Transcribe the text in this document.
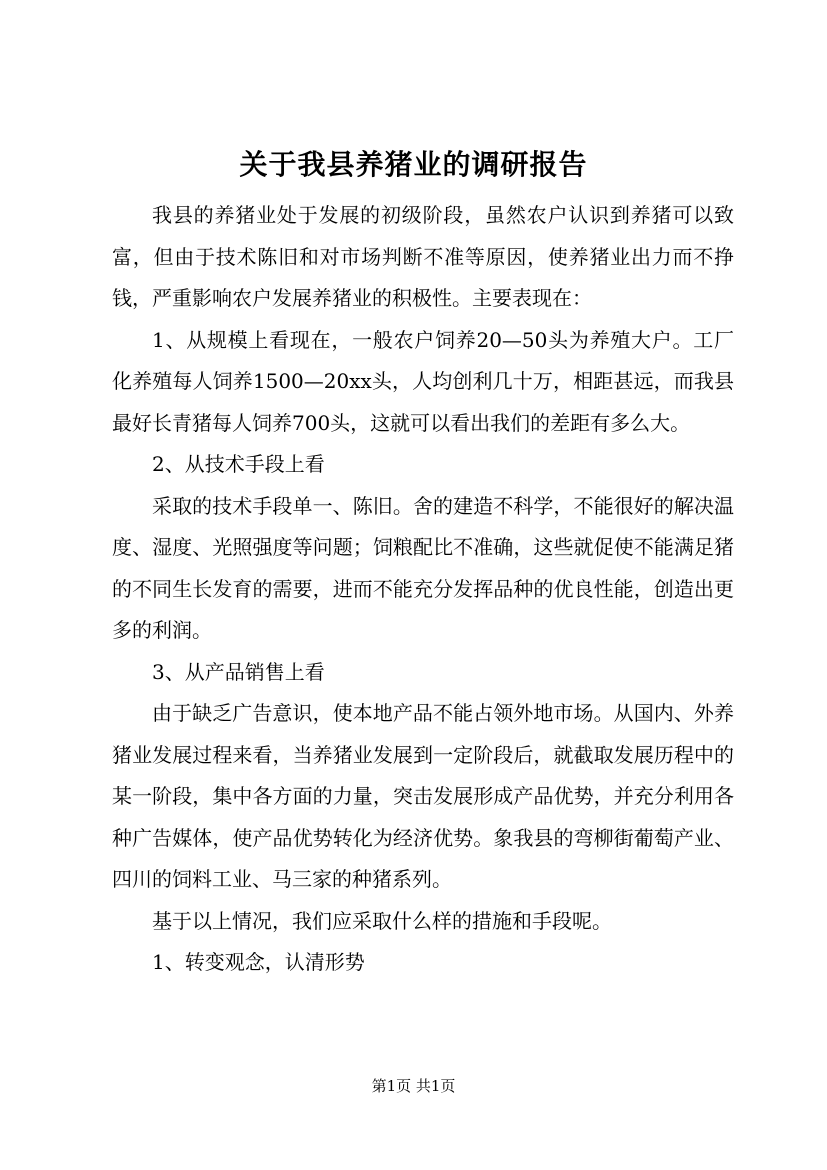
关于我县养猪业的调研报告

我县的养猪业处于发展的初级阶段，虽然农户认识到养猪可以致富，但由于技术陈旧和对市场判断不准等原因，使养猪业出力而不挣钱，严重影响农户发展养猪业的积极性。主要表现在：

1、从规模上看现在，一般农户饲养20—50头为养殖大户。工厂化养殖每人饲养1500—20xx头，人均创利几十万，相距甚远，而我县最好长青猪每人饲养700头，这就可以看出我们的差距有多么大。

2、从技术手段上看

采取的技术手段单一、陈旧。舍的建造不科学，不能很好的解决温度、湿度、光照强度等问题；饲粮配比不准确，这些就促使不能满足猪的不同生长发育的需要，进而不能充分发挥品种的优良性能，创造出更多的利润。

3、从产品销售上看

由于缺乏广告意识，使本地产品不能占领外地市场。从国内、外养猪业发展过程来看，当养猪业发展到一定阶段后，就截取发展历程中的某一阶段，集中各方面的力量，突击发展形成产品优势，并充分利用各种广告媒体，使产品优势转化为经济优势。象我县的弯柳街葡萄产业、四川的饲料工业、马三家的种猪系列。

基于以上情况，我们应采取什么样的措施和手段呢。

1、转变观念，认清形势

第1页 共1页
